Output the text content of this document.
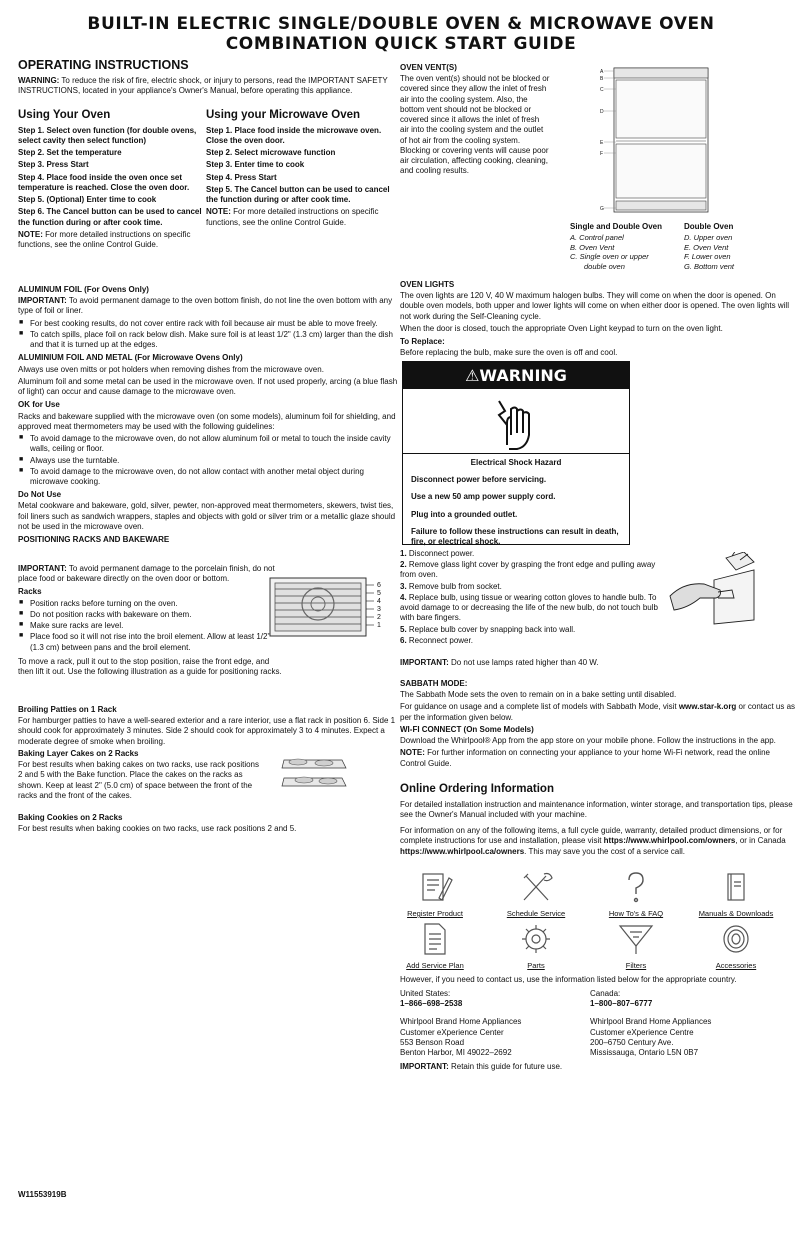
BUILT-IN ELECTRIC SINGLE/DOUBLE OVEN & MICROWAVE OVEN
COMBINATION QUICK START GUIDE
OPERATING INSTRUCTIONS

WARNING: To reduce the risk of fire, electric shock, or injury to persons, read the IMPORTANT SAFETY INSTRUCTIONS, located in your appliance's Owner's Manual, before operating this appliance.

Using Your Oven

Step 1. Select oven function (for double ovens, select cavity then select function)

Step 2. Set the temperature

Step 3. Press Start

Step 4. Place food inside the oven once set temperature is reached. Close the oven door.

Step 5. (Optional) Enter time to cook

Step 6. The Cancel button can be used to cancel the function during or after cook time.

NOTE: For more detailed instructions on specific functions, see the online Control Guide.
Using your Microwave Oven

Step 1. Place food inside the microwave oven. Close the oven door.

Step 2. Select microwave function

Step 3. Enter time to cook

Step 4. Press Start

Step 5. The Cancel button can be used to cancel the function during or after cook time.

NOTE: For more detailed instructions on specific functions, see the online Control Guide.
ALUMINUM FOIL (For Ovens Only)

IMPORTANT: To avoid permanent damage to the oven bottom finish, do not line the oven bottom with any type of foil or liner.

■ For best cooking results, do not cover entire rack with foil because air must be able to move freely.
■ To catch spills, place foil on rack below dish. Make sure foil is at least 1/2" (1.3 cm) larger than the dish and that it is turned up at the edges.
ALUMINIUM FOIL AND METAL (For Microwave Ovens Only)

Always use oven mitts or pot holders when removing dishes from the microwave oven.

Aluminum foil and some metal can be used in the microwave oven. If not used properly, arcing (a blue flash of light) can occur and cause damage to the microwave oven.

OK for Use

Racks and bakeware supplied with the microwave oven (on some models), aluminum foil for shielding, and approved meat thermometers may be used with the following guidelines:

■ To avoid damage to the microwave oven, do not allow aluminum foil or metal to touch the inside cavity walls, ceiling or floor.
■ Always use the turntable.
■ To avoid damage to the microwave oven, do not allow contact with another metal object during microwave cooking.
Do Not Use

Metal cookware and bakeware, gold, silver, pewter, non-approved meat thermometers, skewers, twist ties, foil liners such as sandwich wrappers, staples and objects with gold or silver trim or a metallic glaze should not be used in the microwave oven.

POSITIONING RACKS AND BAKEWARE

IMPORTANT: To avoid permanent damage to the porcelain finish, do not place food or bakeware directly on the oven door or bottom.

Racks
■ Position racks before turning on the oven.
■ Do not position racks with bakeware on them.
■ Make sure racks are level.
■ Place food so it will not rise into the broil element. Allow at least 1/2" (1.3 cm) between pans and the broil element.

To move a rack, pull it out to the stop position, raise the front edge, and then lift it out. Use the following illustration as a guide for positioning racks.

6
5
4
3
2
1
Broiling Patties on 1 Rack

For hamburger patties to have a well-seared exterior and a rare interior, use a flat rack in position 6. Side 1 should cook for approximately 3 minutes. Side 2 should cook for approximately 3 to 4 minutes. Expect a moderate degree of smoke when broiling.

Baking Layer Cakes on 2 Racks

For best results when baking cakes on two racks, use rack positions 2 and 5 with the Bake function. Place the cakes on the racks as shown. Keep at least 2" (5.0 cm) of space between the front of the racks and the front of the cakes.

Baking Cookies on 2 Racks

For best results when baking cookies on two racks, use rack positions 2 and 5.

OVEN VENT(S)

The oven vent(s) should not be blocked or covered since they allow the inlet of fresh air into the cooling system. Also, the bottom vent should not be blocked or covered since it allows the inlet of fresh air into the cooling system and the outlet of hot air from the cooling system. Blocking or covering vents will cause poor air circulation, affecting cooking, cleaning, and cooling results.

A
B
C
D
E
F
G
Single and Double Oven
A. Control panel
B. Oven Vent
C. Single oven or upper
double oven
Double Oven
D. Upper oven
E. Oven Vent
F. Lower oven
G. Bottom vent
OVEN LIGHTS

The oven lights are 120 V, 40 W maximum halogen bulbs. They will come on when the door is opened. On double oven models, both upper and lower lights will come on when either door is opened. The oven lights will not work during the Self-Cleaning cycle.

When the door is closed, touch the appropriate Oven Light keypad to turn on the oven light.

To Replace:

Before replacing the bulb, make sure the oven is off and cool.

⚠WARNING

Electrical Shock Hazard

Disconnect power before servicing.

Use a new 50 amp power supply cord.

Plug into a grounded outlet.

Failure to follow these instructions can result in death, fire, or electrical shock.

1. Disconnect power.
2. Remove glass light cover by grasping the front edge and pulling away from oven.
3. Remove bulb from socket.
4. Replace bulb, using tissue or wearing cotton gloves to handle bulb. To avoid damage to or decreasing the life of the new bulb, do not touch bulb with bare fingers.
5. Replace bulb cover by snapping back into wall.
6. Reconnect power.

IMPORTANT: Do not use lamps rated higher than 40 W.

SABBATH MODE:

The Sabbath Mode sets the oven to remain on in a bake setting until disabled.

For guidance on usage and a complete list of models with Sabbath Mode, visit www.star-k.org or contact us as per the information given below.

WI-FI CONNECT (On Some Models)

Download the Whirlpool® App from the app store on your mobile phone. Follow the instructions in the app.

NOTE: For further information on connecting your appliance to your home Wi-Fi network, read the online Control Guide.

Online Ordering Information

For detailed installation instruction and maintenance information, winter storage, and transportation tips, please see the Owner's Manual included with your machine.

For information on any of the following items, a full cycle guide, warranty, detailed product dimensions, or for complete instructions for use and installation, please visit https://www.whirlpool.com/owners, or in Canada https://www.whirlpool.ca/owners. This may save you the cost of a service call.

Register Product	Schedule Service	How To's & FAQ	Manuals & Downloads
Add Service Plan	Parts	Filters	Accessories
However, if you need to contact us, use the information listed below for the appropriate country.
United States:
1–866–698–2538
Whirlpool Brand Home Appliances
Customer eXperience Center
553 Benson Road
Benton Harbor, MI 49022–2692
Canada:
1–800–807–6777
Whirlpool Brand Home Appliances
Customer eXperience Centre
200–6750 Century Ave.
Mississauga, Ontario L5N 0B7
IMPORTANT: Retain this guide for future use.
W11553919B
